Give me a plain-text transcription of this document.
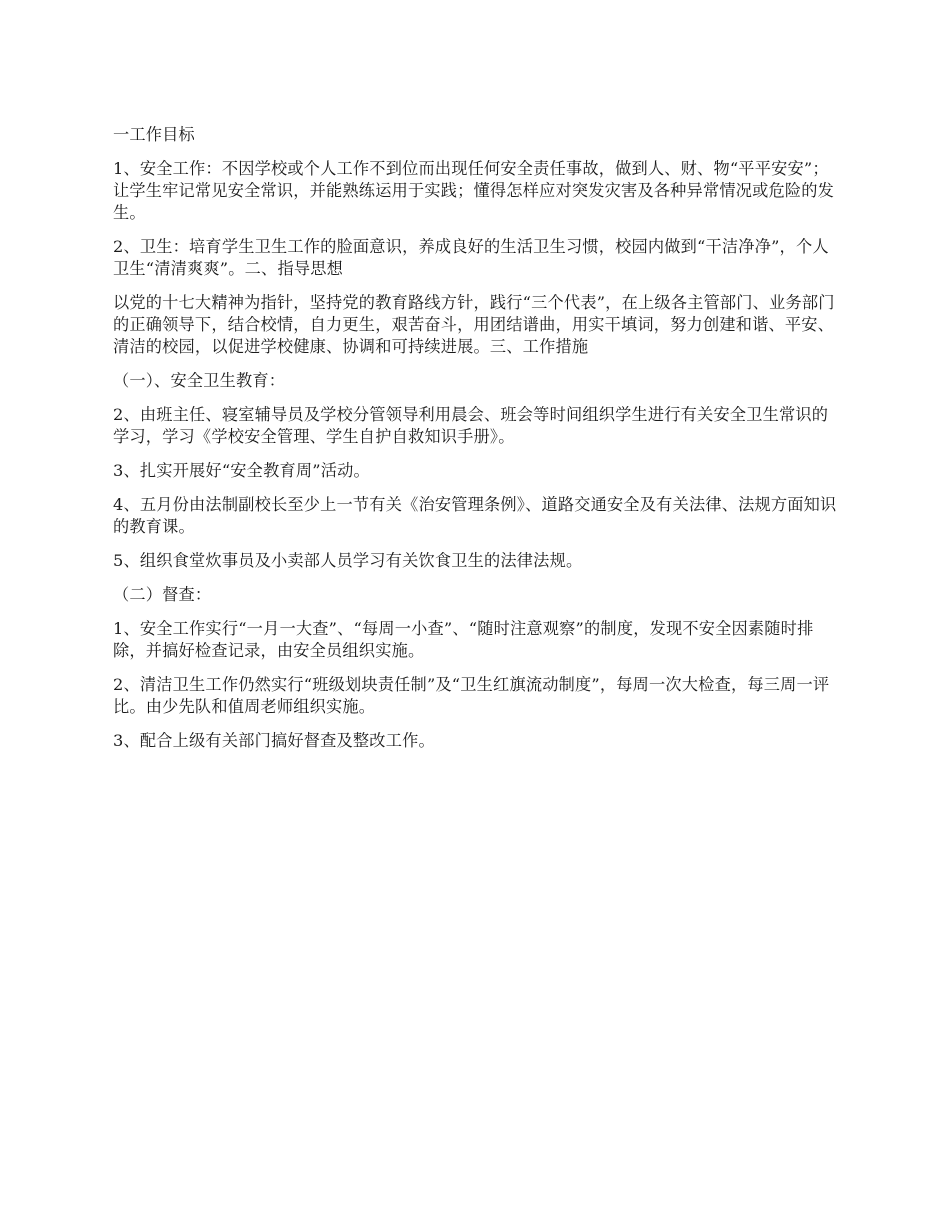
一工作目标

1、安全工作：不因学校或个人工作不到位而出现任何安全责任事故，做到人、财、物“平平安安”；让学生牢记常见安全常识，并能熟练运用于实践；懂得怎样应对突发灾害及各种异常情况或危险的发生。

2、卫生：培育学生卫生工作的脸面意识，养成良好的生活卫生习惯，校园内做到“干洁净净”，个人卫生“清清爽爽”。二、指导思想

以党的十七大精神为指针，坚持党的教育路线方针，践行“三个代表”，在上级各主管部门、业务部门的正确领导下，结合校情，自力更生，艰苦奋斗，用团结谱曲，用实干填词，努力创建和谐、平安、清洁的校园，以促进学校健康、协调和可持续进展。三、工作措施

（一）、安全卫生教育：

2、由班主任、寝室辅导员及学校分管领导利用晨会、班会等时间组织学生进行有关安全卫生常识的学习，学习《学校安全管理、学生自护自救知识手册》。

3、扎实开展好“安全教育周”活动。

4、五月份由法制副校长至少上一节有关《治安管理条例》、道路交通安全及有关法律、法规方面知识的教育课。

5、组织食堂炊事员及小卖部人员学习有关饮食卫生的法律法规。

（二）督查：

1、安全工作实行“一月一大查”、“每周一小查”、“随时注意观察”的制度，发现不安全因素随时排除，并搞好检查记录，由安全员组织实施。

2、清洁卫生工作仍然实行“班级划块责任制”及“卫生红旗流动制度”，每周一次大检查，每三周一评比。由少先队和值周老师组织实施。

3、配合上级有关部门搞好督查及整改工作。
